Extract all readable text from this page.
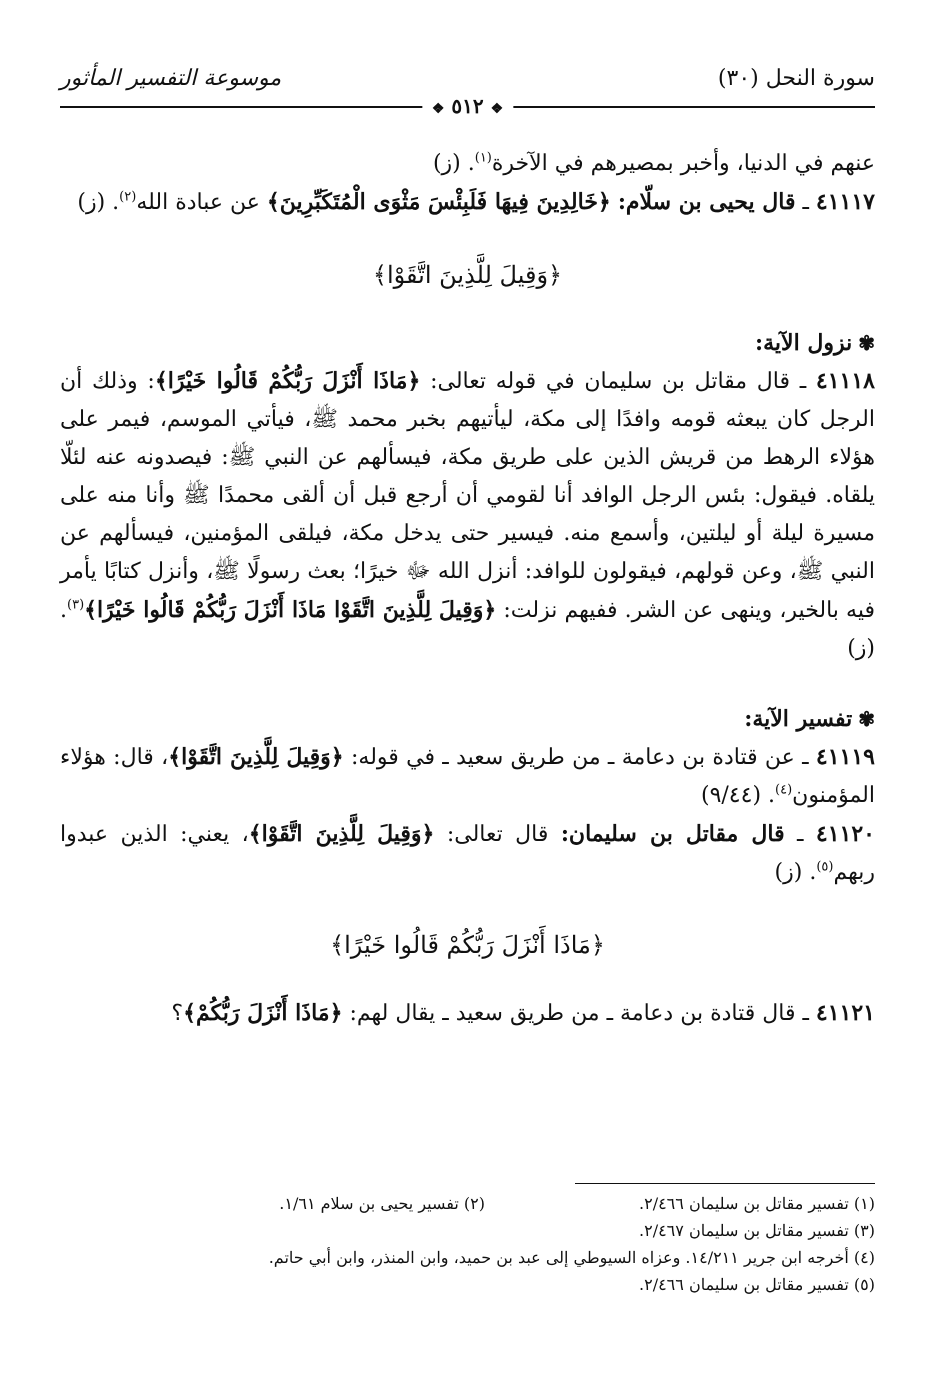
سورة النحل (٣٠)
موسوعة التفسير المأثور
❖ ٥١٢ ❖

عنهم في الدنيا، وأخبر بمصيرهم في الآخرة$^{(١)}$. (ز)

٤١١١٧ ـ قال يحيى بن سلّام: ﴿خَالِدِينَ فِيهَا فَلَبِئْسَ مَثْوَى الْمُتَكَبِّرِينَ﴾ عن عبادة الله$^{(٢)}$. (ز)

﴿وَقِيلَ لِلَّذِينَ اتَّقَوْا﴾
✾نزول الآية:

٤١١١٨ ـ قال مقاتل بن سليمان في قوله تعالى: ﴿مَاذَا أَنْزَلَ رَبُّكُمْ قَالُوا خَيْرًا﴾: وذلك أن الرجل كان يبعثه قومه وافدًا إلى مكة، ليأتيهم بخبر محمد ﷺ، فيأتي الموسم، فيمر على هؤلاء الرهط من قريش الذين على طريق مكة، فيسألهم عن النبي ﷺ: فيصدونه عنه لئلّا يلقاه. فيقول: بئس الرجل الوافد أنا لقومي أن أرجع قبل أن ألقى محمدًا ﷺ وأنا منه على مسيرة ليلة أو ليلتين، وأسمع منه. فيسير حتى يدخل مكة، فيلقى المؤمنين، فيسألهم عن النبي ﷺ، وعن قولهم، فيقولون للوافد: أنزل الله ﷻ خيرًا؛ بعث رسولًا ﷺ، وأنزل كتابًا يأمر فيه بالخير، وينهى عن الشر. ففيهم نزلت: ﴿وَقِيلَ لِلَّذِينَ اتَّقَوْا مَاذَا أَنْزَلَ رَبُّكُمْ قَالُوا خَيْرًا﴾$^{(٣)}$. (ز)

✾تفسير الآية:

٤١١١٩ ـ عن قتادة بن دعامة ـ من طريق سعيد ـ في قوله: ﴿وَقِيلَ لِلَّذِينَ اتَّقَوْا﴾، قال: هؤلاء المؤمنون$^{(٤)}$. (٩/٤٤)

٤١١٢٠ ـ قال مقاتل بن سليمان: قال تعالى: ﴿وَقِيلَ لِلَّذِينَ اتَّقَوْا﴾، يعني: الذين عبدوا ربهم$^{(٥)}$. (ز)

﴿مَاذَا أَنْزَلَ رَبُّكُمْ قَالُوا خَيْرًا﴾

٤١١٢١ ـ قال قتادة بن دعامة ـ من طريق سعيد ـ يقال لهم: ﴿مَاذَا أَنْزَلَ رَبُّكُمْ﴾؟

(١) تفسير مقاتل بن سليمان ٢/٤٦٦.
(٢) تفسير يحيى بن سلام ١/٦١.
(٣) تفسير مقاتل بن سليمان ٢/٤٦٧.
(٤) أخرجه ابن جرير ١٤/٢١١. وعزاه السيوطي إلى عبد بن حميد، وابن المنذر، وابن أبي حاتم.
(٥) تفسير مقاتل بن سليمان ٢/٤٦٦.
